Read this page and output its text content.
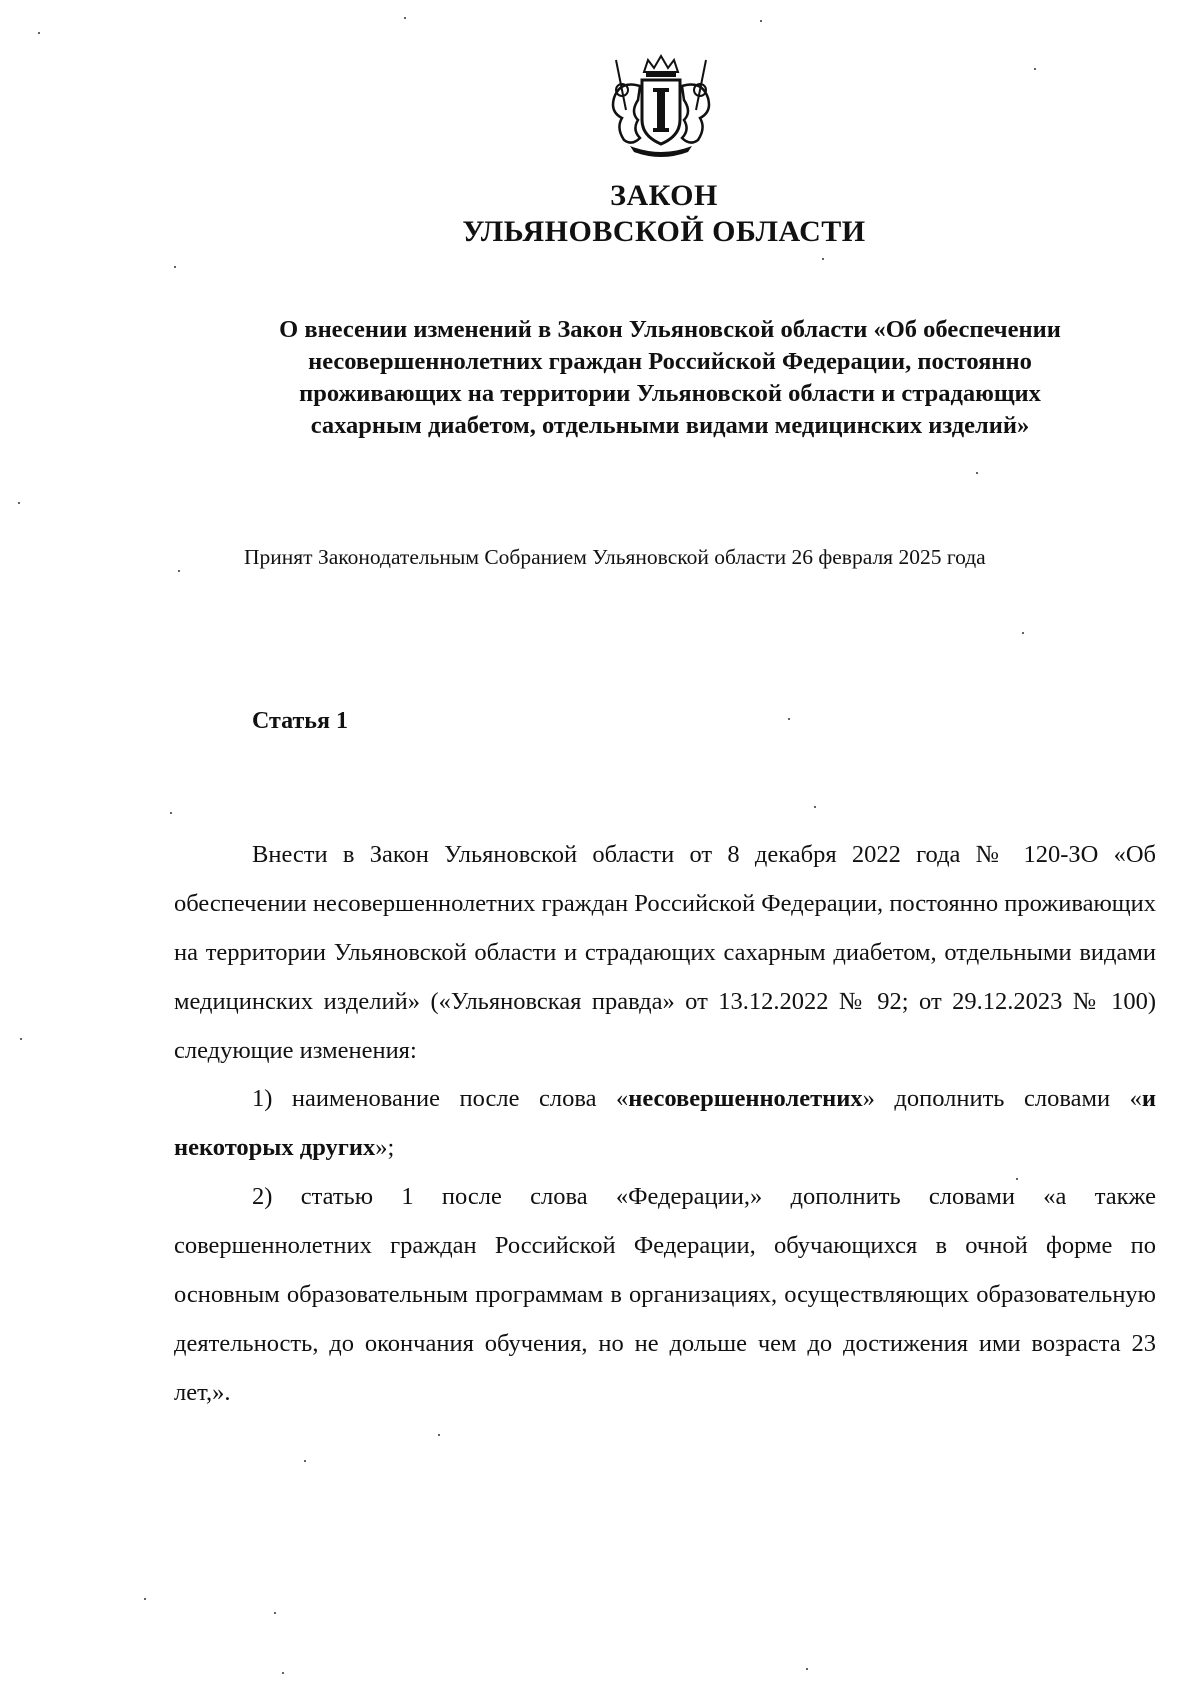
ЗАКОН
УЛЬЯНОВСКОЙ ОБЛАСТИ
О внесении изменений в Закон Ульяновской области «Об обеспечении
несовершеннолетних граждан Российской Федерации, постоянно
проживающих на территории Ульяновской области и страдающих
сахарным диабетом, отдельными видами медицинских изделий»
Принят Законодательным Собранием Ульяновской области 26 февраля 2025 года
Статья 1

Внести в Закон Ульяновской области от 8 декабря 2022 года № 120-ЗО «Об обеспечении несовершеннолетних граждан Российской Федерации, постоянно проживающих на территории Ульяновской области и страдающих сахарным диабетом, отдельными видами медицинских изделий» («Ульяновская правда» от 13.12.2022 № 92; от 29.12.2023 № 100) следующие изменения:

1) наименование после слова «несовершеннолетних» дополнить словами «и некоторых других»;

2) статью 1 после слова «Федерации,» дополнить словами «а также совершеннолетних граждан Российской Федерации, обучающихся в очной форме по основным образовательным программам в организациях, осуществляющих образовательную деятельность, до окончания обучения, но не дольше чем до достижения ими возраста 23 лет,».
